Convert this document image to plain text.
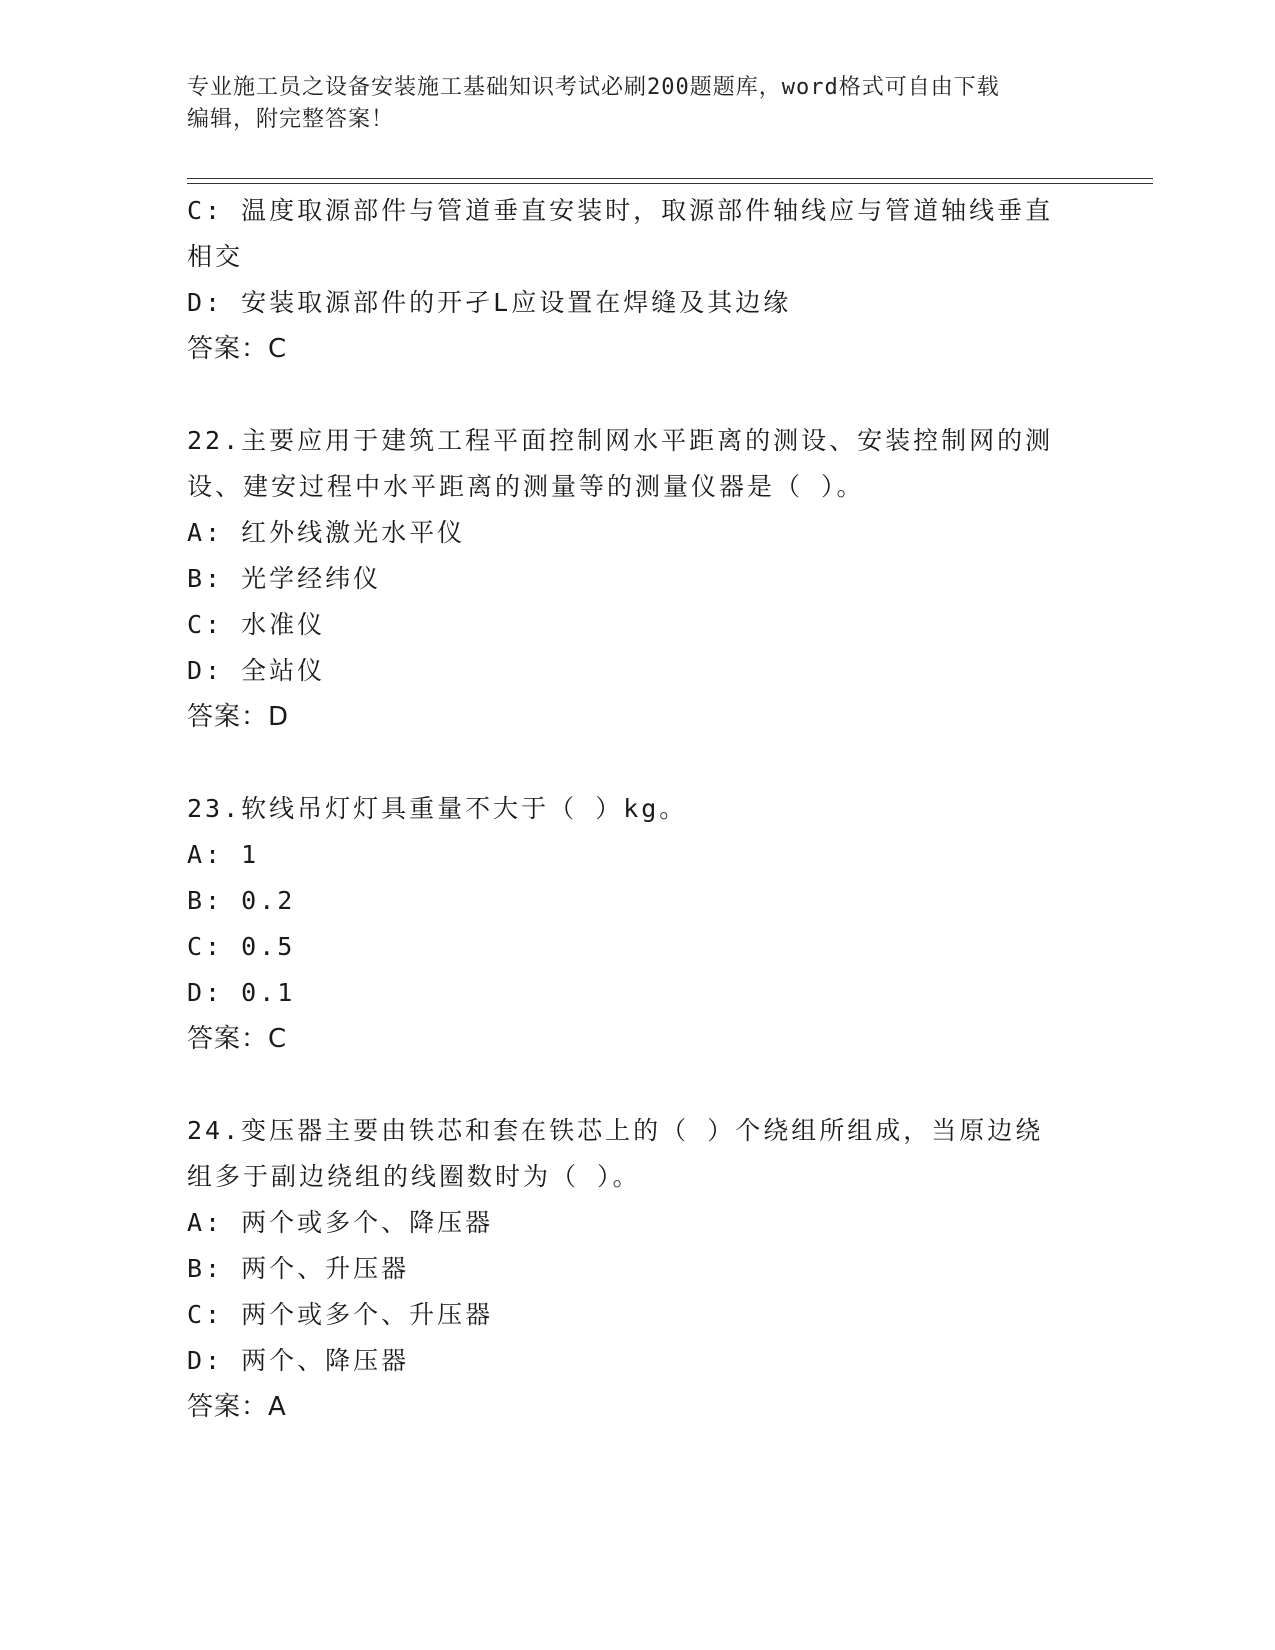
专业施工员之设备安装施工基础知识考试必刷200题题库，word格式可自由下载
编辑，附完整答案！
C: 温度取源部件与管道垂直安装时，取源部件轴线应与管道轴线垂直
相交
D: 安装取源部件的开孑L应设置在焊缝及其边缘
答案：C
22.主要应用于建筑工程平面控制网水平距离的测设、安装控制网的测
设、建安过程中水平距离的测量等的测量仪器是（ ）。
A: 红外线激光水平仪
B: 光学经纬仪
C: 水准仪
D: 全站仪
答案：D
23.软线吊灯灯具重量不大于（ ）kg。
A: 1
B: 0.2
C: 0.5
D: 0.1
答案：C
24.变压器主要由铁芯和套在铁芯上的（ ）个绕组所组成，当原边绕
组多于副边绕组的线圈数时为（ ）。
A: 两个或多个、降压器
B: 两个、升压器
C: 两个或多个、升压器
D: 两个、降压器
答案：A
